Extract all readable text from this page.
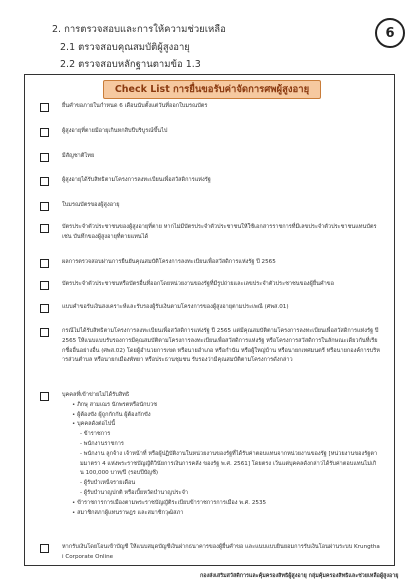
6
2. การตรวจสอบและการให้ความช่วยเหลือ
2.1 ตรวจสอบคุณสมบัติผู้สูงอายุ
2.2 ตรวจสอบหลักฐานตามข้อ 1.3
Check List การยื่นขอรับค่าจัดการศพผู้สูงอายุ
ยื่นคำขอภายในกำหนด 6 เดือนนับตั้งแต่วันที่ออกใบมรณบัตร
ผู้สูงอายุที่ตายมีอายุเกินหกสิบปีบริบูรณ์ขึ้นไป
มีสัญชาติไทย
ผู้สูงอายุได้รับสิทธิตามโครงการลงทะเบียนเพื่อสวัสดิการแห่งรัฐ
ใบมรณบัตรของผู้สูงอายุ
บัตรประจำตัวประชาชนของผู้สูงอายุที่ตาย หากไม่มีบัตรประจำตัวประชาชนให้ใช้เอกสารราชการที่มีเลขประจำตัวประชาชนแทนบัตร เช่น บันทึกของผู้สูงอายุที่ตายแทนได้
ผลการตรวจสอบผ่านการยืนยันคุณสมบัติโครงการลงทะเบียนเพื่อสวัสดิการแห่งรัฐ ปี 2565
บัตรประจำตัวประชาชนหรือบัตรอื่นที่ออกโดยหน่วยงานของรัฐที่มีรูปถ่ายและเลขประจำตัวประชาชนของผู้ยื่นคำขอ
แบบคำขอรับเงินสงเคราะห์และรับรองผู้รับเงินตามโครงการของผู้สูงอายุตามประเพณี (ศพส.01)
กรณีไม่ได้รับสิทธิตามโครงการลงทะเบียนเพื่อสวัสดิการแห่งรัฐ ปี 2565 แต่มีคุณสมบัติตามโครงการลงทะเบียนเพื่อสวัสดิการแห่งรัฐ ปี 2565 ให้แนบแบบรับรองการมีคุณสมบัติตามโครงการลงทะเบียนเพื่อสวัสดิการแห่งรัฐ หรือโครงการสวัสดิการในลักษณะเดียวกันที่เรียกชื่ออื่นอย่างอื่น (ศพส.02) โดยผู้อำนวยการเขต หรือนายอำเภอ หรือกำนัน หรือผู้ใหญ่บ้าน หรือนายกเทศมนตรี หรือนายกองค์การบริหารส่วนตำบล หรือนายกเมืองพัทยา หรือประธานชุมชน รับรองว่ามีคุณสมบัติตามโครงการดังกล่าว
บุคคลที่เข้าข่ายไม่ได้รับสิทธิ
• ภิกษุ สามเณร นักพรตหรือนักบวช
• ผู้ต้องขัง ผู้ถูกกักกัน ผู้ต้องกักขัง
• บุคคลดังต่อไปนี้
- ข้าราชการ
- พนักงานราชการ
- พนักงาน ลูกจ้าง เจ้าหน้าที่ หรือผู้ปฏิบัติงานในหน่วยงานของรัฐที่ได้รับค่าตอบแทนจากหน่วยงานของรัฐ [หน่วยงานของรัฐตามมาตรา 4 แห่งพระราชบัญญัติวินัยการเงินการคลัง ของรัฐ พ.ศ. 2561] โดยตรง เว้นแต่บุคคลดังกล่าวได้รับค่าตอบแทนไม่เกิน 100,000 บาท/ปี (รอบปีบัญชี)
- ผู้รับบำเหน็จรายเดือน
- ผู้รับบำนาญปกติ หรือเบี้ยหวัดบำนาญประจำ
• ข้าราชการการเมืองตามพระราชบัญญัติระเบียบข้าราชการการเมือง พ.ศ. 2535
• สมาชิกสภาผู้แทนราษฎร และสมาชิกวุฒิสภา
หากรับเงินโดยโอนเข้าบัญชี ให้แนบสมุดบัญชีเงินฝากธนาคารของผู้ยื่นคำขอ และแนบแบบยินยอมการรับเงินโอนผ่านระบบ Krungthai Corporate Online
กองส่งเสริมสวัสดิการและคุ้มครองสิทธิผู้สูงอายุ กลุ่มคุ้มครองสิทธิและช่วยเหลือผู้สูงอายุ
